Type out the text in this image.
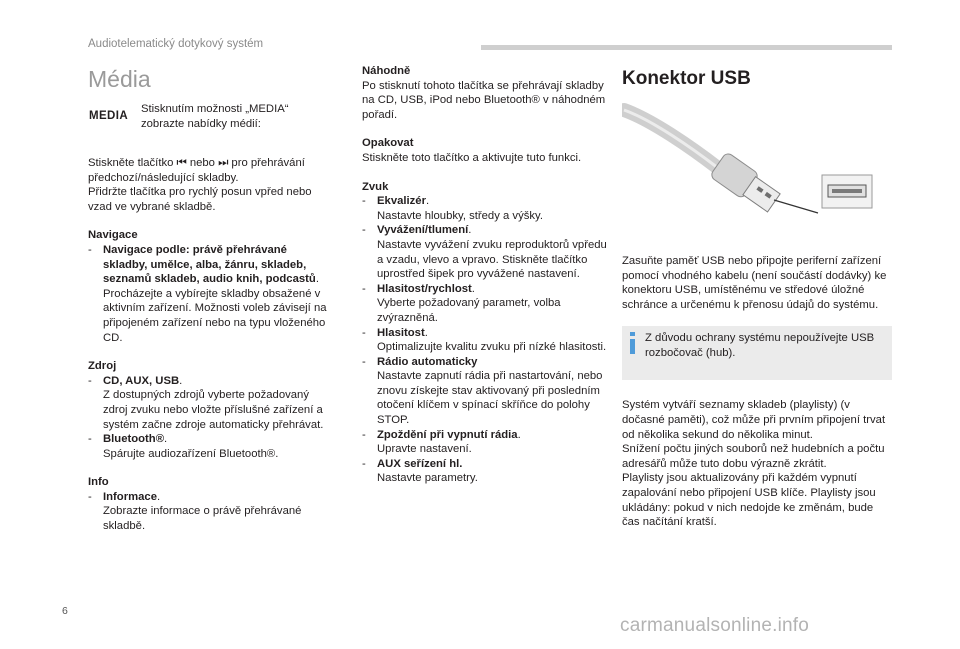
Audiotelematický dotykový systém
Média
MEDIA
Stisknutím možnosti „MEDIA“ zobrazte nabídky médií:

Stiskněte tlačítko ⏮ nebo ⏭ pro přehrávání

předchozí/následující skladby.

Přidržte tlačítka pro rychlý posun vpřed nebo

vzad ve vybrané skladbě.

Navigace

- Navigace podle: právě přehrávané skladby, umělce, alba, žánru, skladeb, seznamů skladeb, audio knih, podcastů.

Procházejte a vybírejte skladby obsažené v aktivním zařízení. Možnosti voleb závisejí na připojeném zařízení nebo na typu vloženého CD.

Zdroj

- CD, AUX, USB.

Z dostupných zdrojů vyberte požadovaný zdroj zvuku nebo vložte příslušné zařízení a systém začne zdroje automaticky přehrávat.

- Bluetooth®.

Spárujte audiozařízení Bluetooth®.

Info

- Informace.

Zobrazte informace o právě přehrávané skladbě.

Náhodně

Po stisknutí tohoto tlačítka se přehrávají skladby na CD, USB, iPod nebo Bluetooth® v náhodném pořadí.

Opakovat

Stiskněte toto tlačítko a aktivujte tuto funkci.

Zvuk

- Ekvalizér.

Nastavte hloubky, středy a výšky.

- Vyvážení/tlumení.

Nastavte vyvážení zvuku reproduktorů vpředu a vzadu, vlevo a vpravo. Stiskněte tlačítko uprostřed šipek pro vyvážené nastavení.

- Hlasitost/rychlost.

Vyberte požadovaný parametr, volba zvýrazněná.

- Hlasitost.

Optimalizujte kvalitu zvuku při nízké hlasitosti.

- Rádio automaticky

Nastavte zapnutí rádia při nastartování, nebo znovu získejte stav aktivovaný při posledním otočení klíčem v spínací skříňce do polohy STOP.

- Zpoždění při vypnutí rádia.

Upravte nastavení.

- AUX seřízení hl.

Nastavte parametry.

Konektor USB

Zasuňte paměť USB nebo připojte periferní zařízení pomocí vhodného kabelu (není součástí dodávky) ke konektoru USB, umístěnému ve středové úložné schránce a určenému k přenosu údajů do systému.

Z důvodu ochrany systému nepoužívejte USB rozbočovač (hub).

Systém vytváří seznamy skladeb (playlisty) (v dočasné paměti), což může při prvním připojení trvat od několika sekund do několika minut.

Snížení počtu jiných souborů než hudebních a počtu adresářů může tuto dobu výrazně zkrátit.

Playlisty jsou aktualizovány při každém vypnutí zapalování nebo připojení USB klíče. Playlisty jsou ukládány: pokud v nich nedojde ke změnám, bude čas načítání kratší.

6
carmanualsonline.info
